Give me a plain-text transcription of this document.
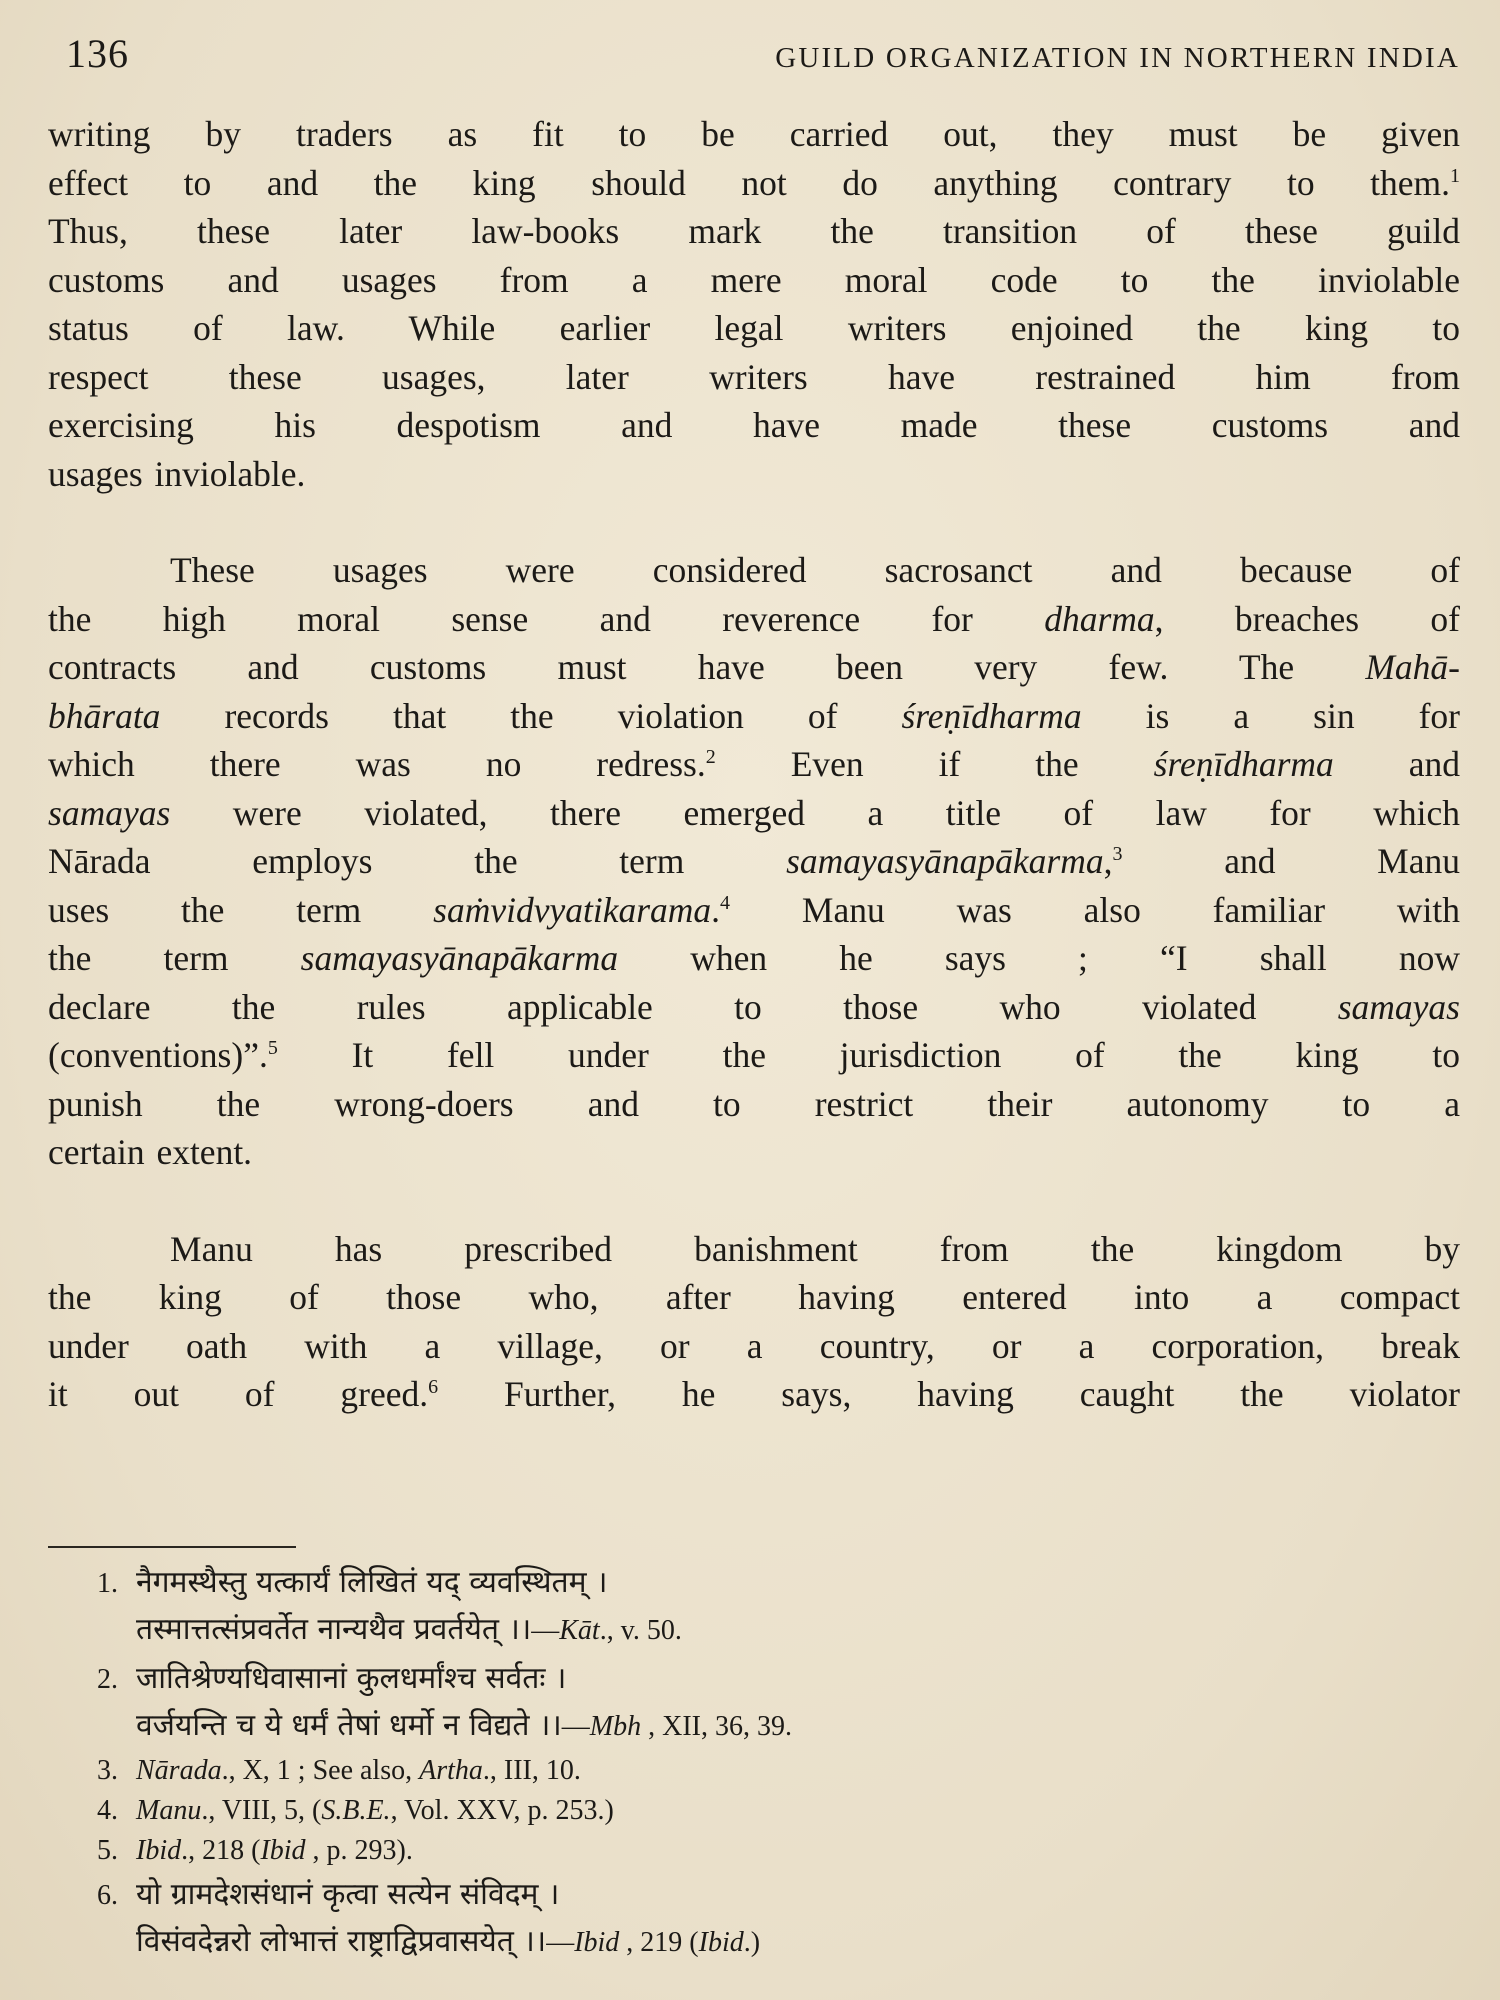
136	GUILD ORGANIZATION IN NORTHERN INDIA
writing by traders as fit to be carried out, they must be given
effect to and the king should not do anything contrary to them.$^1$
Thus, these later law-books mark the transition of these guild
customs and usages from a mere moral code to the inviolable
status of law. While earlier legal writers enjoined the king to
respect these usages, later writers have restrained him from
exercising his despotism and have made these customs and
usages inviolable.
These usages were considered sacrosanct and because of
the high moral sense and reverence for dharma, breaches of
contracts and customs must have been very few. The Mahā-
bhārata records that the violation of śreṇīdharma is a sin for
which there was no redress.$^2$ Even if the śreṇīdharma and
samayas were violated, there emerged a title of law for which
Nārada employs the term samayasyānapākarma,$^3$ and Manu
uses the term saṁvidvyatikarama.$^4$ Manu was also familiar with
the term samayasyānapākarma when he says ; “I shall now
declare the rules applicable to those who violated samayas
(conventions)”.$^5$ It fell under the jurisdiction of the king to
punish the wrong-doers and to restrict their autonomy to a
certain extent.
Manu has prescribed banishment from the kingdom by
the king of those who, after having entered into a compact
under oath with a village, or a country, or a corporation, break
it out of greed.$^6$ Further, he says, having caught the violator
1. नैगमस्थैस्तु यत्कार्यं लिखितं यद् व्यवस्थितम् ।
तस्मात्तत्संप्रवर्तेत नान्यथैव प्रवर्तयेत् ।।—Kāt., v. 50.
2. जातिश्रेण्यधिवासानां कुलधर्मांश्च सर्वतः ।
वर्जयन्ति च ये धर्मं तेषां धर्मो न विद्यते ।।—Mbh , XII, 36, 39.
3. Nārada., X, 1 ; See also, Artha., III, 10.
4. Manu., VIII, 5, (S.B.E., Vol. XXV, p. 253.)
5. Ibid., 218 (Ibid , p. 293).
6. यो ग्रामदेशसंधानं कृत्वा सत्येन संविदम् ।
विसंवदेन्नरो लोभात्तं राष्ट्राद्विप्रवासयेत् ।।—Ibid , 219 (Ibid.)
